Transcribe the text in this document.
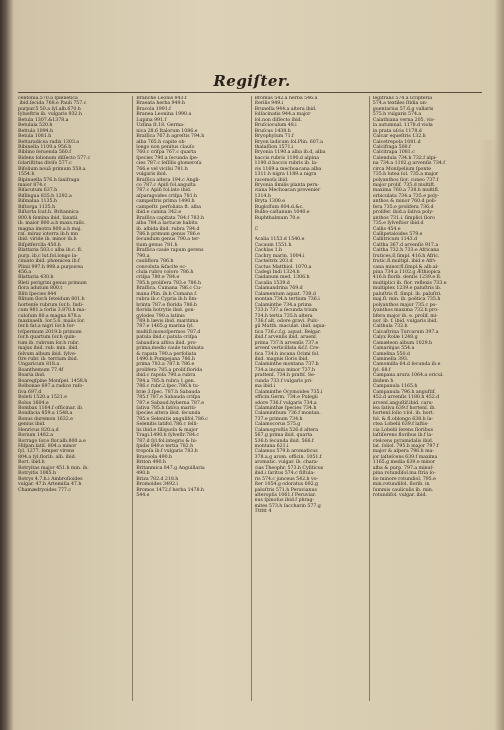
Regiſter.
centonia.570.a ſplenetica
ibid.ſecida 768.e Pauli 757.c
purpur.5 50.a ſyl.alb.670.h
ſylueſtris ib. vulgaris 932.h
Betula 1307.&1378.a
Betulaia 520.h
Bettula 1094.h
Betula 1081.h
Bettaradicsa radix 1303.a
Bibinella 1109.a 956.h
Biblino ſeruenda 560.f
Bidens ſolionum diſſecto 577.c
ſolariſtitus diviſo 577.c
Bifolium nouā primum 558.a
1554.h
Bipinuella 576.h ſaxiſraga
maior 874.c
Biſacutum 637.h
Biſlingua 835.h 1292.a
Biſmalua 1135.h
Biſtorga 1135.h
Biſtorta ſcat.h. Britannica
800.h ſemina ibid. ſaxatil.
ib. maior 800.a.h maxs.raſic.
magna imotra 800.a.h maj.
raſ. miraz iotorra ib.h mn
ibid. viride ib. minor ib.h
Biſpitfercila 450.h
Blattaria 503.c alba ib.c. fl.
purp. ib.c lut.fol.longo la-
ciniato ibid. phœnicea ib.f
Plinii 997.h 998.a purpurea
456.a
Blattaria 430.h
Bleti perigrini genus primum
flora adutum 800.t
Bliti ſpecies 844
Blitum ſlor.h ſeteidum 801.h
hortenſe rubrum ſor.b. Indi-
cum 981.a ſorlis 3.870.h ma-
culoſum 80.a magna 878.a
maxinaelh. ſor.5.6. maiis ſor.
ſer.h fat.a nigri ſor.h ſor-
lvſpermum 2019.b primum
ſor.h quartum ſor.h quin-
tum ib. rubrum ſor.h rubr.
majus ibid. rub. min. ibid.
ſelvum album ibid. ſylve-
ſtre rubr. ib. terrium ibid.
Ungaricum 818.a
Boanthemum 77.4f
Boaria ibid.
Boaregſpine Monſpel. 1458.h
Bolbonae 697.a radice rufo-
ſiva 697.d
Boleti 1520.a 1521.e
Bolus 1604.e
Bombax 1164.f officinar. ib.
Bonifacia 859.a 1548.a
Bonus duremon 1632.e
genius ibid.
Henricus 820.a,d
Borium 1482.a
Borrago ſor.e flor.alb.800.a.e
Hiſpan.latiſ. 804.a minor
ſyl. 1277. ſemper virens
804.a ſyl.florib. alb. ibid.
Bort. ibid.h
Botryitas major 451.h min. ib.
Botryitis 1085.h
Botrys 4.7.h.i Ambroſioides
vulgar. 47.h Artemiſia 47.h
Chamædryoides 777.c
Branche Leonis 843.f
Braeata herba 949.h
Bracola 1991.f
Branea Leonina 1990.a
Lupina 991.f
Uzſina ſt.18. Germa-
nica 28.6 Italorum 1086.e
Braſſica 767.h agreſtis 794.h
alba 765.h capite ob-
longo non penitus clauſo
760.c criſpa 767.c quarta
ſpecies 790.a ſecunda ſpe-
cies 787.c ſeſſilis glomeroſa
766.e vel viciſsi 781.h
vulgaris ibid.
Braſſica altera 194.c Angli-
co 787.c Apiſi fol.anguſta
787.c Apiſi fol.lato ibid.
aſparagoides criſpa 781.h
campeſtris prima 1490.h
campeſtr. perfoliata ft. alba
ibid.e canina 342.e
Braſſica capitata 784.f 783.h
alba 784.a lactucæ habitu
ib. albida ibid. rubra 784.d
786.h primum genus 786.e
ſecundum genus 790.a ter-
tium genus 781.h
Braſſica caule rapum gerens
790.a
cauliflora 786.h
convoluta &facite oc-
clula rubro coloro 786.h
criſpa 780.e 784.e
785.h proliſera 783.e 786.h
Braſſica. Cumana 786.c Cu-
mana Plin. ib.h Cumana f.
rubra ib.c Cypria ib.h ſim-
brinta 787.e florida 786.h
florida botrytis ibid. gon-
gylodes 790.a latinis
789.h lævis ibid. maritima
787.e 1465.g marina ſyl.
multiſl.monoſpermos 787.d
patula ibid.c patula criſpa
ſabaudica aſtiva ibid. pro-
prima,medio caule turbinata
& rapata 790.a perfoliata
1490.h Pompejana 786.h
prima 783.a 787.h 786.e
prolifera 785.a prolif.florida
ibid.c rapoſa 790.a rubra
784.a 785.h rubra 1.gen.
786.c rubr.2.ſpec.786.h tu-
bræ 3.ſpec. 787.h Sabauda
785.f 787.e Sabauda criſpa
787.e Sabaud.hyberna 787.e
ſativa 785.h ſativa mariti-
ſpecies altera ibid. ſecunda
785.e Selenitis angulifol.786.c
Selenitis latifol.786.c ſelli-
lis ibid.e ſiliquoſa & major
Tragi.1490.h ſylveſtr.784.c
787.d ſyl.fol.integris & hi-
ſpidis 849.e tertia 782.h
tropoſa ib.f vulgaris 783.h
Bravoola 490.h
Briton 490.h
Britanmica 847.g Anguillaria
490.h
Briza 782.d 218.h
Bromoides 3492.i
Bromos 1472.f herba 1478.h
544.e
Bromus 542.a herba 546.a
ſterilis 949.i
Brunella 944.a altera ibid.
ſolſacinatis 944.a major
ſol.non diſſecto ibid.
Bruſcioculum 48.i
Bruſcus 1438.h
Bryophylum 71.f
Bryon ladicum fol.Plin. 607.a
thalaſſion 1571.i
Bryonia 1190.a alba ib.d, alba
baccis rubris 1190.d alpina
1190.d baccis rubris ib. la-
vis 1169.a mechoacana alba
1311.h nigra 1189.a nigra
racemoſa ibid.
Bryonia ſimilis planta peru-
viana Mechoacan provenier
1314.h
Bryta 1300.e
Bugloſſum 804.d.&c.
Bulbo-caſtanum 1040.e
Buphthalmum 70.e
C
Acalia 1153.d 1540.e
Cacaum 1551.h
Cachlas 1.h
Cachry marin. 1004.i
Cacteitrix 203.d
Cactus Matthiol. 1070.a
Cadegi Indi 1324.h
Caidanum med. 1306.h
Cacalia 1539.d
Calamandrina 769.d
Calamentum aquat. 739.d
montan.734.h tertium 736.i
Calaminthe 734.a prima
733.h 737.a ſecunda trium
734.h tertia 735.h altera
736.f alt. odore gravi. Pulc-
gii Matth. maculat. ibid. aqua-
tica 736.c.f.g. aquat. Belgar.
ibid.f arvenſis ibid. aruenſ.
prima 737.h arvenſis 737.e
arvenſ verticillata &f.f. Cre-
tica 734.h incana Ocimi fol.
ibid. magnis ſloris ibid.
Calaminthe montana 737.h
734.a incana minor 737.h
prattenſ. 734.h prattſ. Se-
cunda 733.f vulgaris pri-
ma ibid.i
Calaminthe Ocymoides 735.i
officin.Germ. 734.e Pulegii
odore 736.f vulgaris 734.a
Calaminthæ ſpecies 734.h
Calaminthum 736.f montan.
737.e primum 734.h
Calamocorus 575.g
Calamogroſtis 526.d altera
567.g prima ibid. quarta
536.h ſecunda ibid. 566.f
montana 621.i
Calamus 579.h aromaticus
378.a.g arom. officin. 1051.f
aromatic. vulgar. ib. chara-
cias Theophr. 573.h Cyſiticus
ibid.i ſaritus 574.c fiſtula-
ris 574.c junceus 542.h vo-
ſter 1054.g odoratus 692.g
paluſtris 571.h Peruvianus
alteropſis 1061.f Peruviar.
nus ſpinoſus ibid.f phrag-
mites 573.h ſaccharin 577.g
Tttttt 4
ſegitralis 574.a ſcripteria
574.a textiles ſtidia un-
guentarius 57.6.g vallaris
575.h vulgaris 574.a
Calathiana verna 205. vio-
la autumnal. 1178.d viola
in prata uſcis 1178.d
Calcar equeſtris 132.h
Calcetrepola 1081.d
Calcifraga 500.f
Calcitrapa 1081.c
Calendula 734.h 732.f alpi-
na 734.a 1102.g arvenſis 734.f
circa Monſpelium ſponte
735.h lutea ſol. 735.a major
polyanthos ſior. cuneo 737.f
major prolif. 735.d multift.
maxima 760.a 738.h multifl.
orbiculata 734.a 735.e poly-
anthos & minor 760.d poli-
fera 735.e prolifera 736.d
prolifer. ibid.a ſativa poly-
anthos 731.i. ſimplici ſloro
735.e ſylveſtior ibid.d
Callis 454.e
Callipetaloides 579.e
Callitricum 1143.d
Caltha 367.d arvenſis 917.a
Caltha 732.h 733.e Africana
ſrutices,ſi ſimpl. 416.h Afric.
frutic.fl.multipl. ibid.e Afri-
cana minor.fl.ſimpl.& alb.al-
pina 734.a 1102.g Æthiopica
416.h florib. denſis 1239.e fl.
multiplici ib. flor. reflexis 733.e
multiplex 1239.e paluſtris ib.
paluſtris fl. ſimpl. ib. paluſtri.
maj.fl. min. ib. poëtica 735.h
polyanthos major 735.c po-
lyanthos maxima 732.h pro-
lifera major ib. e. prolif. mi-
nor. ib. f. ibid. vulgaris ibid.
Calthula 732.h
Calcaſtrina Turcarum 397.a
Calyx Roſæ 1248.g
Camæleon album 1029.h
Camarinjas 554.a
Camelina 550.d
Caminella 393.
Camomilla 64.d ſecunda ib.e
ſyl. 68.f
Campana arura 1064.a oricul.
ibidem h
Campanula 1165.h
Campanula 796.h anguſtif.
452.d arvenſis 1180.h 452.d
arvenſ.anguſtif.ibid. caru-
lea ſativa 639.f hortenſ. ib.
hortenſ.ſolio r.ſol. ib. hort.
ſol. & fl.oblongo 638.h la-
ctea Lobelii 639.f laſtis-
cia Lobelii ſerens ſloribus
laſtiſerens floribus ib.f la-
ctelcens pyramidalis ibid.
lat. ſoliol. 795.h major 797.f
major & aſpera 796.h ma-
jor laſteſcens 639.f maxima
1165.g media 639.e minor
alba & purp. 797.a minuſ-
pina rotundiſol.ma ſtria ſo-
lio minore rotundiol. 795.e
min.rotundifol. ſlorib. in
ſummis cauliculis ib. min.
rotundifol. vulgar. ibid.
